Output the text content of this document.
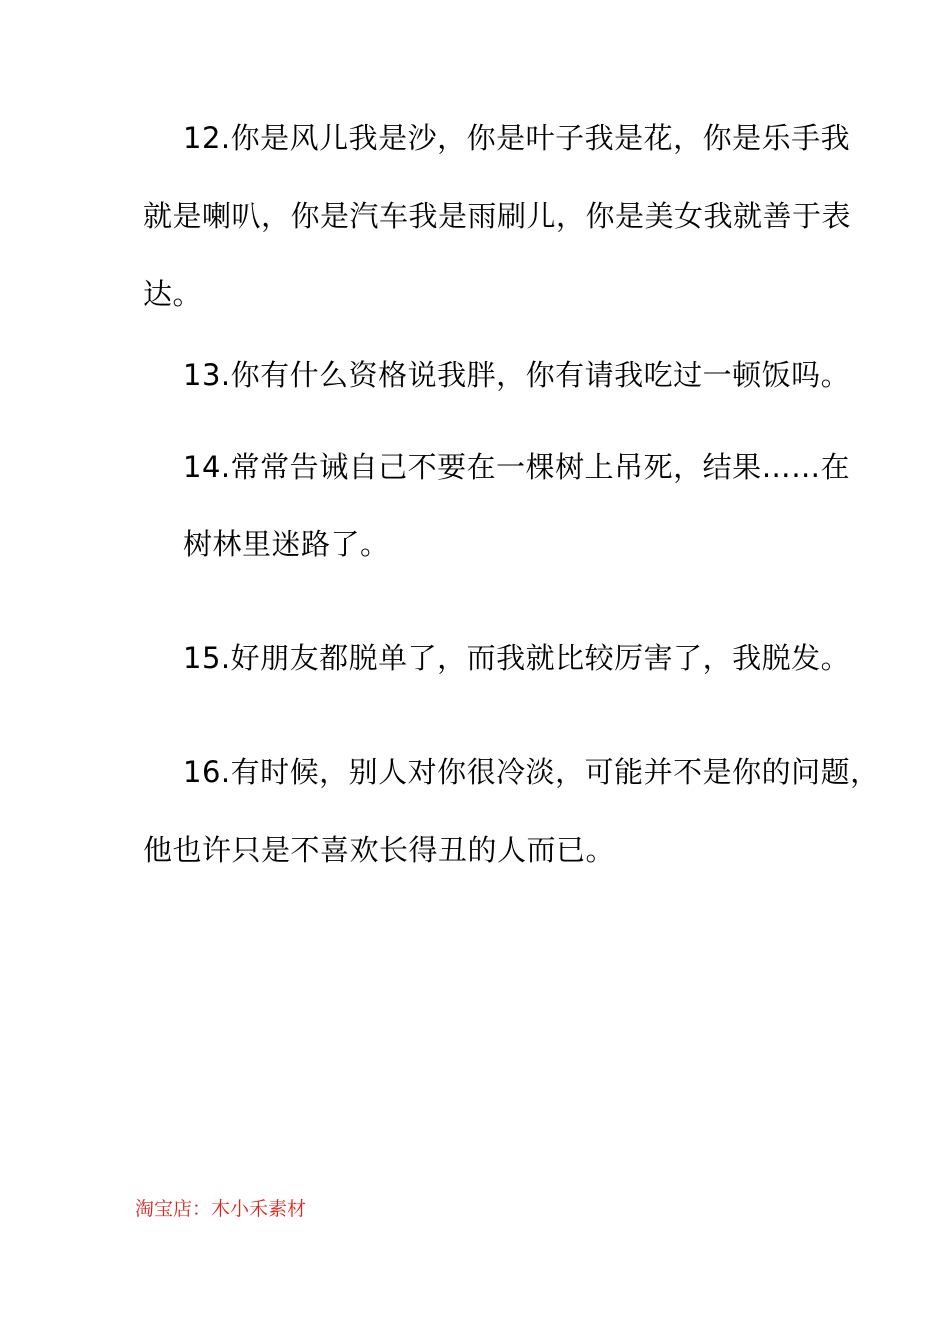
12.你是风儿我是沙，你是叶子我是花，你是乐手我
就是喇叭，你是汽车我是雨刷儿，你是美女我就善于表
达。
13.你有什么资格说我胖，你有请我吃过一顿饭吗。
14.常常告诫自己不要在一棵树上吊死，结果……在
树林里迷路了。
15.好朋友都脱单了，而我就比较厉害了，我脱发。
16.有时候，别人对你很冷淡，可能并不是你的问题，
他也许只是不喜欢长得丑的人而已。
淘宝店：木小禾素材
